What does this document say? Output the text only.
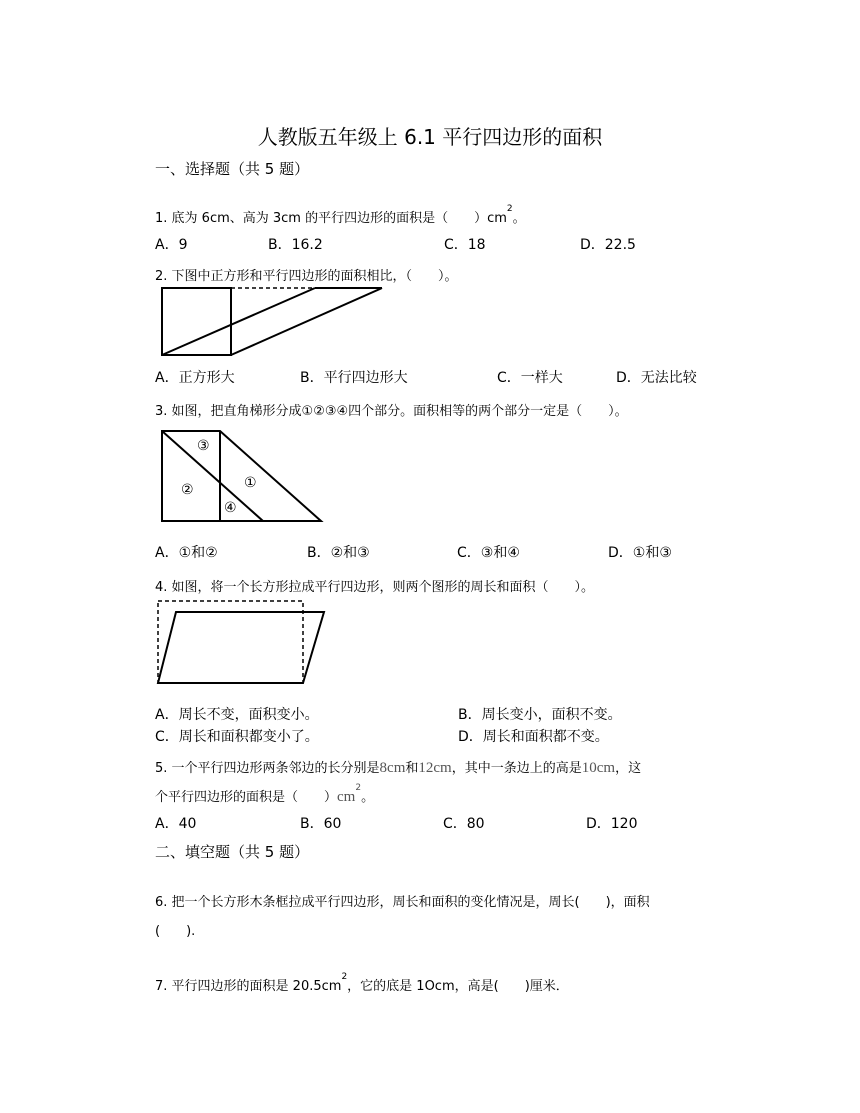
人教版五年级上 6.1 平行四边形的面积
一、选择题（共 5 题）
1. 底为 6cm、高为 3cm 的平行四边形的面积是（　　）$cm^2$。
A．9	B．16.2	C．18	D．22.5
2. 下图中正方形和平行四边形的面积相比，（　　）。
A．正方形大	B．平行四边形大	C．一样大	D．无法比较
3. 如图，把直角梯形分成①②③④四个部分。面积相等的两个部分一定是（　　）。
③
②	①
④
A．①和②	B．②和③	C．③和④	D．①和③
4. 如图，将一个长方形拉成平行四边形，则两个图形的周长和面积（　　）。
A．周长不变，面积变小。	B．周长变小，面积不变。
C．周长和面积都变小了。	D．周长和面积都不变。
5. 一个平行四边形两条邻边的长分别是8cm和12cm，其中一条边上的高是10cm，这
个平行四边形的面积是（　　）$cm^2$。
A．40	B．60	C．80	D．120
二、填空题（共 5 题）
6. 把一个长方形木条框拉成平行四边形，周长和面积的变化情况是，周长(　　)，面积
(　　).
7. 平行四边形的面积是 $20.5cm^2$，它的底是 1Ocm，高是(　　)厘米．
